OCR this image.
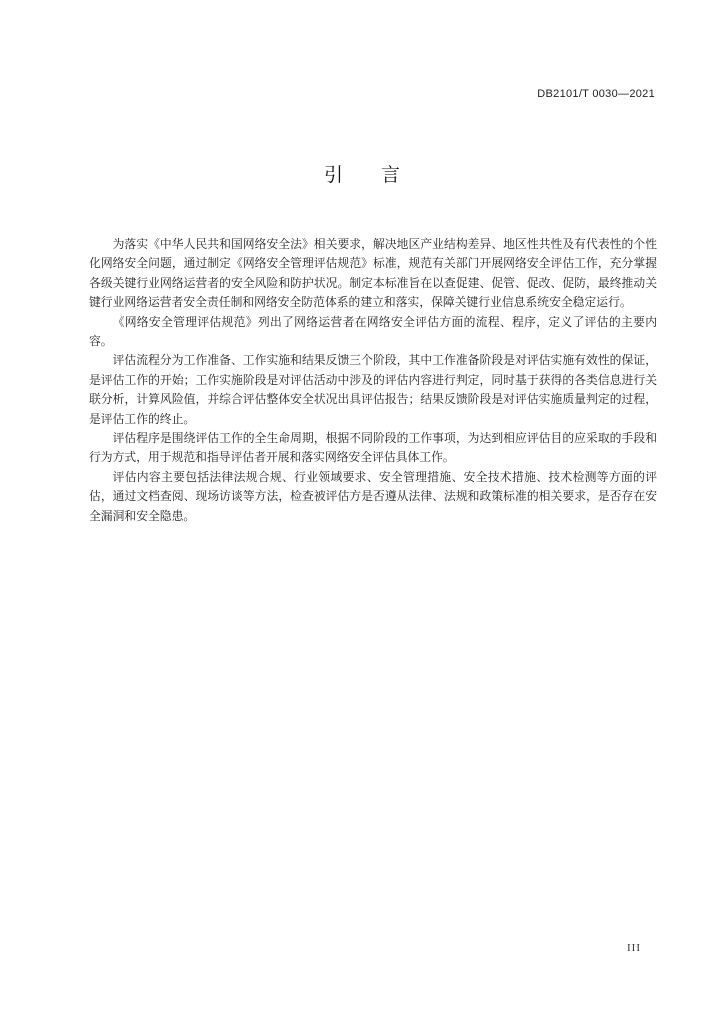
DB2101/T 0030—2021
引言

为落实《中华人民共和国网络安全法》相关要求，解决地区产业结构差异、地区性共性及有代表性的个性化网络安全问题，通过制定《网络安全管理评估规范》标准，规范有关部门开展网络安全评估工作，充分掌握各级关键行业网络运营者的安全风险和防护状况。制定本标准旨在以查促建、促管、促改、促防，最终推动关键行业网络运营者安全责任制和网络安全防范体系的建立和落实，保障关键行业信息系统安全稳定运行。

《网络安全管理评估规范》列出了网络运营者在网络安全评估方面的流程、程序，定义了评估的主要内容。

评估流程分为工作准备、工作实施和结果反馈三个阶段，其中工作准备阶段是对评估实施有效性的保证，是评估工作的开始；工作实施阶段是对评估活动中涉及的评估内容进行判定，同时基于获得的各类信息进行关联分析，计算风险值，并综合评估整体安全状况出具评估报告；结果反馈阶段是对评估实施质量判定的过程，是评估工作的终止。

评估程序是围绕评估工作的全生命周期，根据不同阶段的工作事项，为达到相应评估目的应采取的手段和行为方式，用于规范和指导评估者开展和落实网络安全评估具体工作。

评估内容主要包括法律法规合规、行业领域要求、安全管理措施、安全技术措施、技术检测等方面的评估，通过文档查阅、现场访谈等方法，检查被评估方是否遵从法律、法规和政策标准的相关要求，是否存在安全漏洞和安全隐患。

III
